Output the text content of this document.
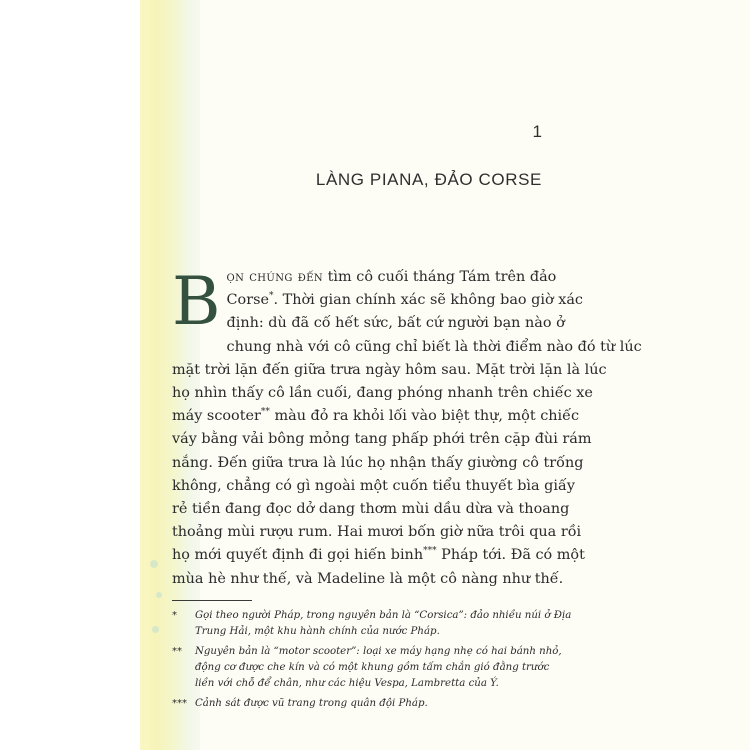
1
LÀNG PIANA, ĐẢO CORSE
B ọn chúng đến tìm cô cuối tháng Tám trên đảo
Corse*. Thời gian chính xác sẽ không bao giờ xác
định: dù đã cố hết sức, bất cứ người bạn nào ở
chung nhà với cô cũng chỉ biết là thời điểm nào đó từ lúc
mặt trời lặn đến giữa trưa ngày hôm sau. Mặt trời lặn là lúc
họ nhìn thấy cô lần cuối, đang phóng nhanh trên chiếc xe
máy scooter** màu đỏ ra khỏi lối vào biệt thự, một chiếc
váy bằng vải bông mỏng tang phấp phới trên cặp đùi rám
nắng. Đến giữa trưa là lúc họ nhận thấy giường cô trống
không, chẳng có gì ngoài một cuốn tiểu thuyết bìa giấy
rẻ tiền đang đọc dở dang thơm mùi dầu dừa và thoang
thoảng mùi rượu rum. Hai mươi bốn giờ nữa trôi qua rồi
họ mới quyết định đi gọi hiến binh*** Pháp tới. Đã có một
mùa hè như thế, và Madeline là một cô nàng như thế.
* Gọi theo người Pháp, trong nguyên bản là “Corsica”: đảo nhiều núi ở Địa
Trung Hải, một khu hành chính của nước Pháp.
** Nguyên bản là “motor scooter”: loại xe máy hạng nhẹ có hai bánh nhỏ,
động cơ được che kín và có một khung gồm tấm chắn gió đằng trước
liền với chỗ để chân, như các hiệu Vespa, Lambretta của Ý.
*** Cảnh sát được vũ trang trong quân đội Pháp.
